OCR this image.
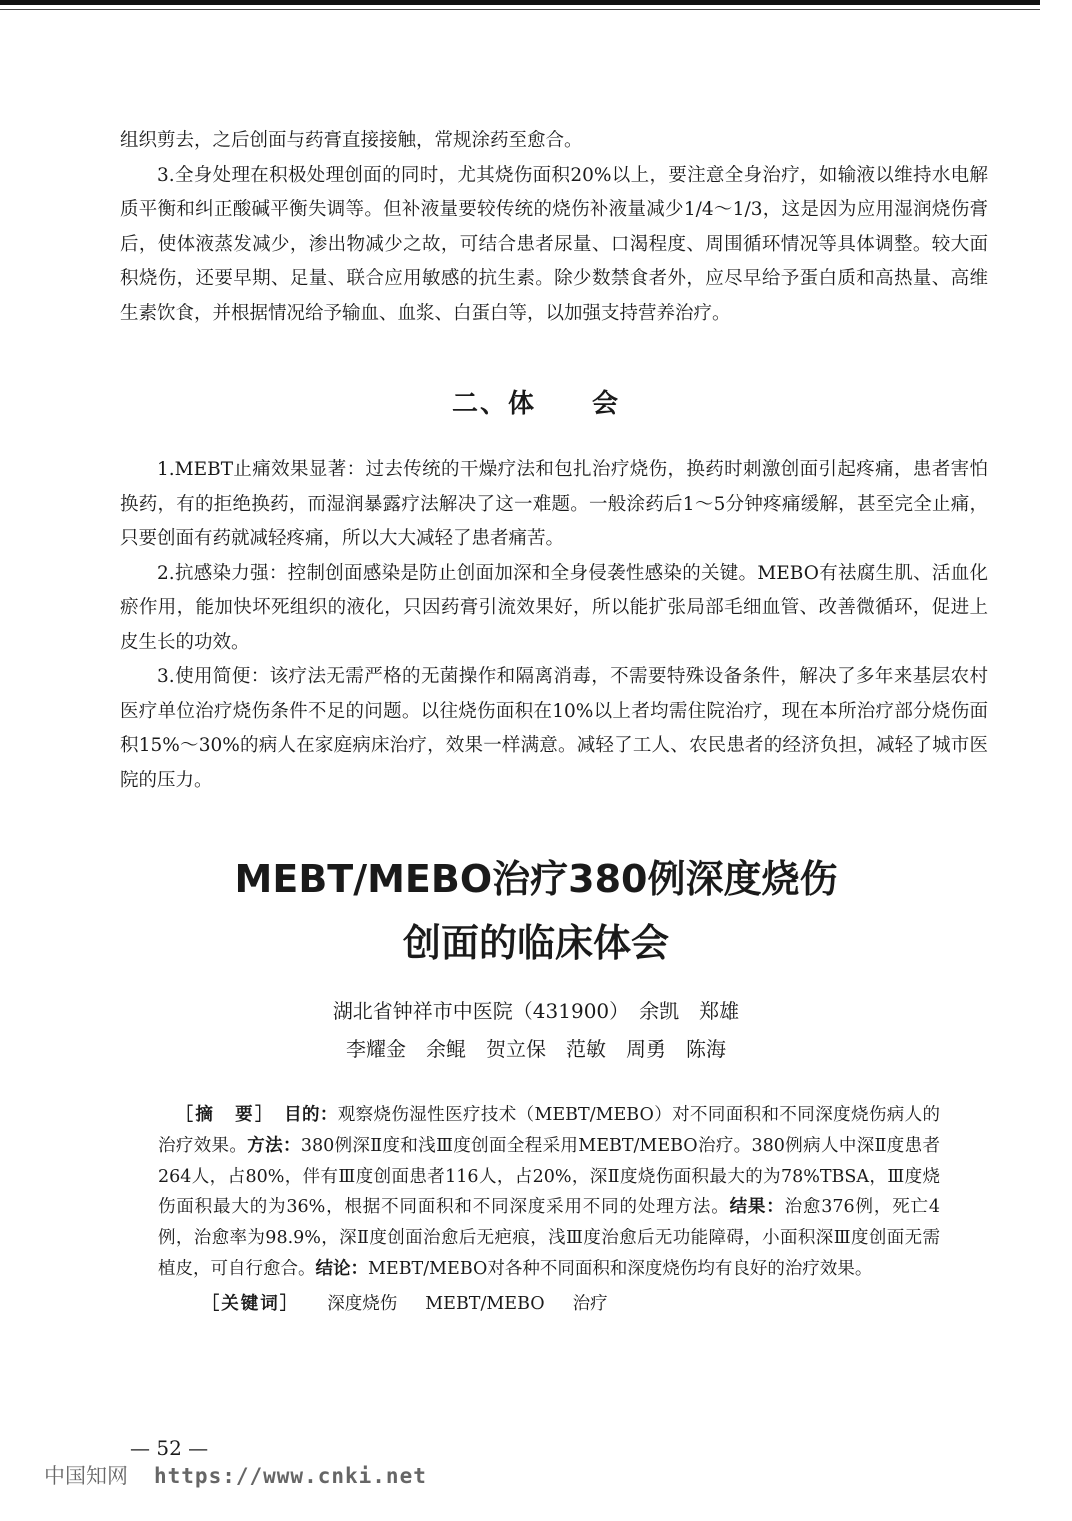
组织剪去，之后创面与药膏直接接触，常规涂药至愈合。

3.全身处理在积极处理创面的同时，尤其烧伤面积20%以上，要注意全身治疗，如输液以维持水电解质平衡和纠正酸碱平衡失调等。但补液量要较传统的烧伤补液量减少1/4～1/3，这是因为应用湿润烧伤膏后，使体液蒸发减少，渗出物减少之故，可结合患者尿量、口渴程度、周围循环情况等具体调整。较大面积烧伤，还要早期、足量、联合应用敏感的抗生素。除少数禁食者外，应尽早给予蛋白质和高热量、高维生素饮食，并根据情况给予输血、血浆、白蛋白等，以加强支持营养治疗。

二、体　　会

1.MEBT止痛效果显著：过去传统的干燥疗法和包扎治疗烧伤，换药时刺激创面引起疼痛，患者害怕换药，有的拒绝换药，而湿润暴露疗法解决了这一难题。一般涂药后1～5分钟疼痛缓解，甚至完全止痛，只要创面有药就减轻疼痛，所以大大减轻了患者痛苦。

2.抗感染力强：控制创面感染是防止创面加深和全身侵袭性感染的关键。MEBO有祛腐生肌、活血化瘀作用，能加快坏死组织的液化，只因药膏引流效果好，所以能扩张局部毛细血管、改善微循环，促进上皮生长的功效。

3.使用简便：该疗法无需严格的无菌操作和隔离消毒，不需要特殊设备条件，解决了多年来基层农村医疗单位治疗烧伤条件不足的问题。以往烧伤面积在10%以上者均需住院治疗，现在本所治疗部分烧伤面积15%～30%的病人在家庭病床治疗，效果一样满意。减轻了工人、农民患者的经济负担，减轻了城市医院的压力。

MEBT/MEBO治疗380例深度烧伤
创面的临床体会
湖北省钟祥市中医院（431900）　余凯　郑雄
李耀金　余鲲　贺立保　范敏　周勇　陈海

［摘　要］　 目的：观察烧伤湿性医疗技术（MEBT/MEBO）对不同面积和不同深度烧伤病人的治疗效果。方法：380例深Ⅱ度和浅Ⅲ度创面全程采用MEBT/MEBO治疗。380例病人中深Ⅱ度患者264人，占80%，伴有Ⅲ度创面患者116人，占20%，深Ⅱ度烧伤面积最大的为78%TBSA，Ⅲ度烧伤面积最大的为36%，根据不同面积和不同深度采用不同的处理方法。结果：治愈376例，死亡4例，治愈率为98.9%，深Ⅱ度创面治愈后无疤痕，浅Ⅲ度治愈后无功能障碍，小面积深Ⅲ度创面无需植皮，可自行愈合。结论：MEBT/MEBO对各种不同面积和深度烧伤均有良好的治疗效果。

［关键词］ 深度烧伤 MEBT/MEBO 治疗

— 52 —
中国知网 https://www.cnki.net
